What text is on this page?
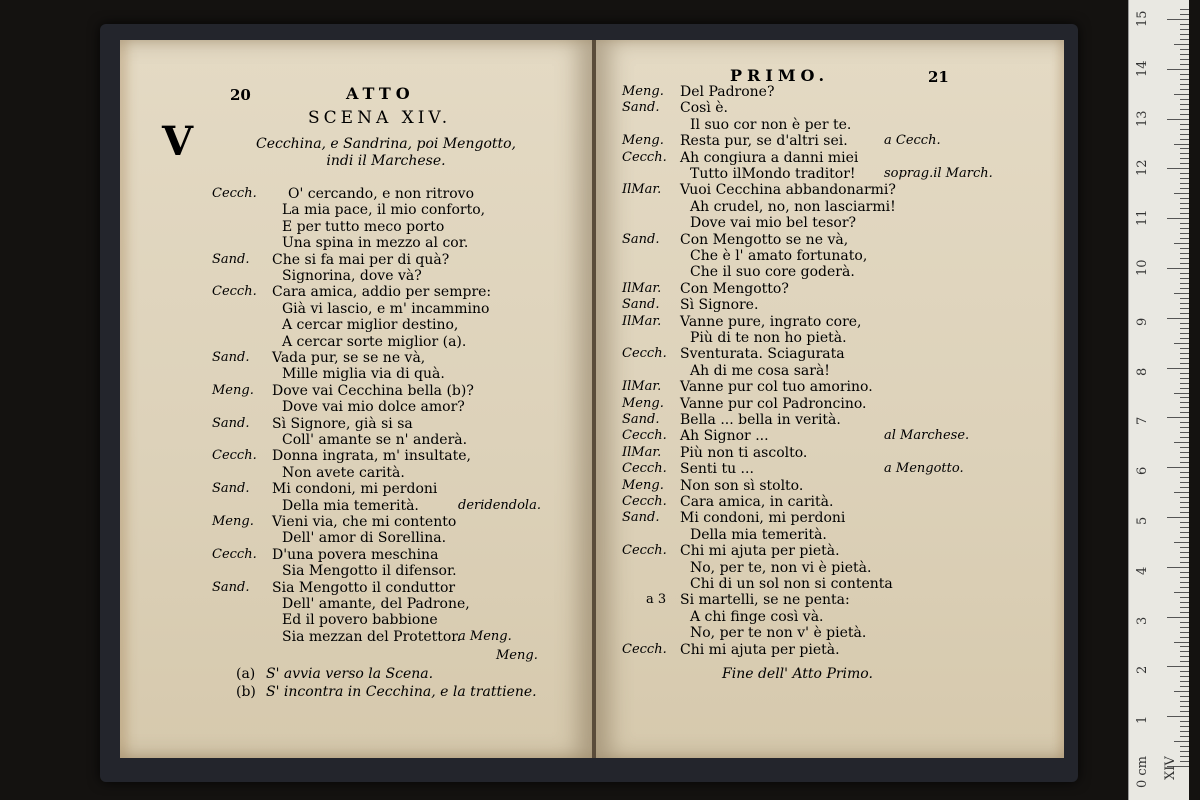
20	ATTO
SCENA XIV.
Cecchina, e Sandrina, poi Mengotto,
indi il Marchese.
V
Cecch. O' cercando, e non ritrovo
La mia pace, il mio conforto,
E per tutto meco porto
Una spina in mezzo al cor.
Sand. Che si fa mai per di quà?
Signorina, dove và?
Cecch. Cara amica, addio per sempre:
Già vi lascio, e m' incammino
A cercar miglior destino,
A cercar sorte miglior (a).
Sand. Vada pur, se se ne và,
Mille miglia via di quà.
Meng. Dove vai Cecchina bella (b)?
Dove vai mio dolce amor?
Sand. Sì Signore, già si sa
Coll' amante se n' anderà.
Cecch. Donna ingrata, m' insultate,
Non avete carità.
Sand. Mi condoni, mi perdoni
Della mia temerità.	deridendola.
Meng. Vieni via, che mi contento
Dell' amor di Sorellina.
Cecch. D'una povera meschina
Sia Mengotto il difensor.
Sand. Sia Mengotto il conduttor
Dell' amante, del Padrone,
Ed il povero babbione
Sia mezzan del Protettor.
a Meng.
Meng.
(a) S' avvia verso la Scena.
(b) S' incontra in Cecchina, e la trattiene.
PRIMO.	21
Meng. Del Padrone?
Sand. Così è.
Il suo cor non è per te.
Meng. Resta pur, se d'altri sei.	a Cecch.
Cecch. Ah congiura a danni miei
Tutto ilMondo traditor! soprag.il March.
IlMar. Vuoi Cecchina abbandonarmi?
Ah crudel, no, non lasciarmi!
Dove vai mio bel tesor?
Sand. Con Mengotto se ne và,
Che è l' amato fortunato,
Che il suo core goderà.
IlMar. Con Mengotto?
Sand. Sì Signore.
IlMar. Vanne pure, ingrato core,
Più di te non ho pietà.
Cecch. Sventurata. Sciagurata
Ah di me cosa sarà!
IlMar. Vanne pur col tuo amorino.
Meng. Vanne pur col Padroncino.
Sand. Bella ... bella in verità.
Cecch. Ah Signor ...	al Marchese.
IlMar. Più non ti ascolto.
Cecch. Senti tu ...	a Mengotto.
Meng. Non son sì stolto.
Cecch. Cara amica, in carità.
Sand. Mi condoni, mi perdoni
Della mia temerità.
Cecch. Chi mi ajuta per pietà.
No, per te, non vi è pietà.
Chi di un sol non si contenta
a 3 Si martelli, se ne penta:
A chi finge così và.
No, per te non v' è pietà.
Cecch. Chi mi ajuta per pietà.
Fine dell' Atto Primo.
0 cm
1
2
3
4
5
6
7
8
9
10
11
12
13
14
15
XIV
